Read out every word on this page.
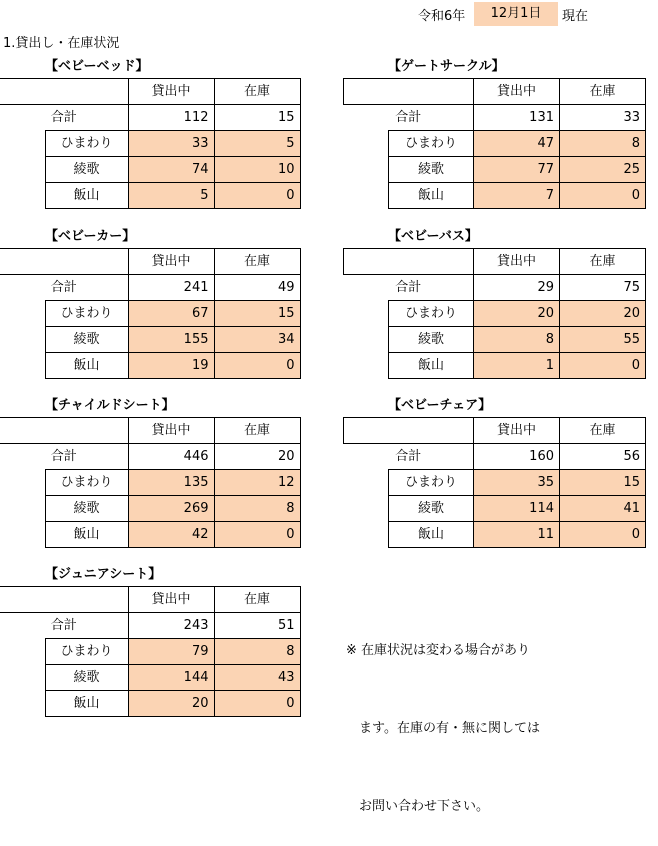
令和6年	12月1日	現在
1.貸出し・在庫状況
【ベビーベッド】
		貸出中	在庫
合計		112	15
	ひまわり	33	5
	綾歌	74	10
	飯山	5	0
【ゲートサークル】
		貸出中	在庫
合計		131	33
	ひまわり	47	8
	綾歌	77	25
	飯山	7	0
【ベビーカー】
		貸出中	在庫
合計		241	49
	ひまわり	67	15
	綾歌	155	34
	飯山	19	0
【ベビーバス】
		貸出中	在庫
合計		29	75
	ひまわり	20	20
	綾歌	8	55
	飯山	1	0
【チャイルドシート】
		貸出中	在庫
合計		446	20
	ひまわり	135	12
	綾歌	269	8
	飯山	42	0
【ベビーチェア】
		貸出中	在庫
合計		160	56
	ひまわり	35	15
	綾歌	114	41
	飯山	11	0
【ジュニアシート】
		貸出中	在庫
合計		243	51
	ひまわり	79	8
	綾歌	144	43
	飯山	20	0

※ 在庫状況は変わる場合があり

　ます。在庫の有・無に関しては

　お問い合わせ下さい。
